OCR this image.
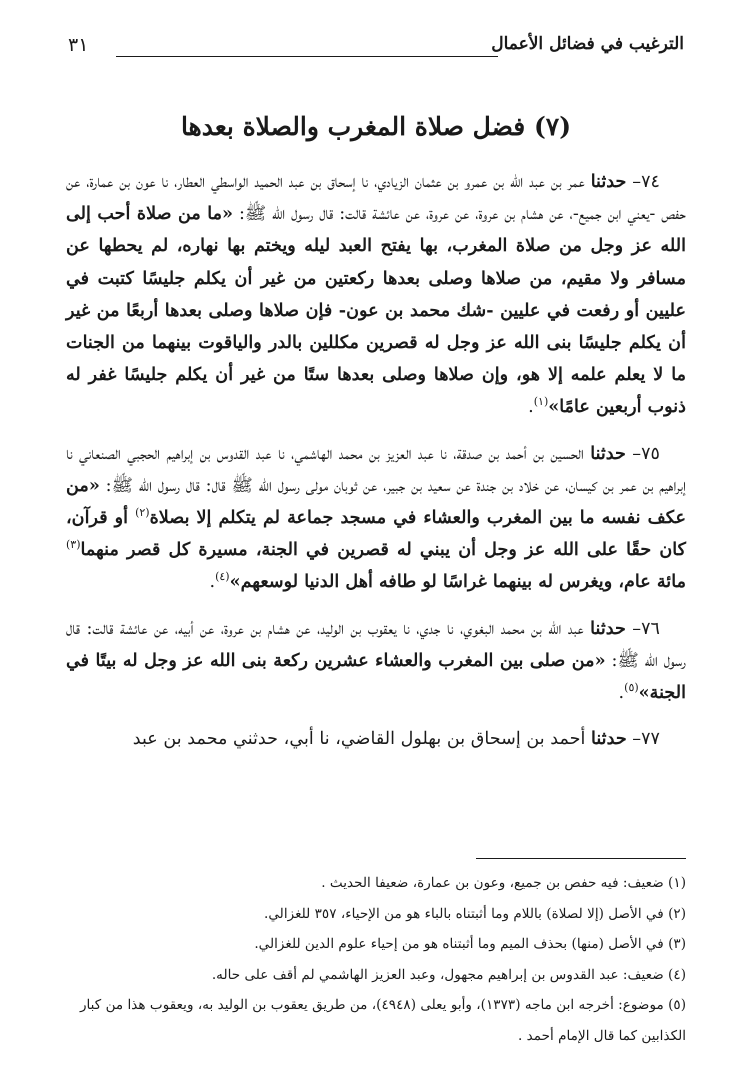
الترغيب في فضائل الأعمال
٣١
(٧) فضل صلاة المغرب والصلاة بعدها

٧٤– حدثنا عمر بن عبد الله بن عمرو بن عثمان الزيادي، نا إسحاق بن عبد الحميد الواسطي العطار، نا عون بن عمارة، عن حفص -يعني ابن جميع-، عن هشام بن عروة، عن عروة، عن عائشة قالت: قال رسول الله ﷺ: «ما من صلاة أحب إلى الله عز وجل من صلاة المغرب، بها يفتح العبد ليله ويختم بها نهاره، لم يحطها عن مسافر ولا مقيم، من صلاها وصلى بعدها ركعتين من غير أن يكلم جليسًا كتبت في عليين أو رفعت في عليين -شك محمد بن عون- فإن صلاها وصلى بعدها أربعًا من غير أن يكلم جليسًا بنى الله عز وجل له قصرين مكللين بالدر والياقوت بينهما من الجنات ما لا يعلم علمه إلا هو، وإن صلاها وصلى بعدها ستًا من غير أن يكلم جليسًا غفر له ذنوب أربعين عامًا»$^{(١)}$.

٧٥– حدثنا الحسين بن أحمد بن صدقة، نا عبد العزيز بن محمد الهاشمي، نا عبد القدوس بن إبراهيم الحجبي الصنعاني نا إبراهيم بن عمر بن كيسان، عن خلاد بن جندة عن سعيد بن جبير، عن ثوبان مولى رسول الله ﷺ قال: قال رسول الله ﷺ: «من عكف نفسه ما بين المغرب والعشاء في مسجد جماعة لم يتكلم إلا بصلاة$^{(٢)}$ أو قرآن، كان حقًا على الله عز وجل أن يبني له قصرين في الجنة، مسيرة كل قصر منهما$^{(٣)}$ مائة عام، ويغرس له بينهما غراسًا لو طافه أهل الدنيا لوسعهم»$^{(٤)}$.

٧٦– حدثنا عبد الله بن محمد البغوي، نا جدي، نا يعقوب بن الوليد، عن هشام بن عروة، عن أبيه، عن عائشة قالت: قال رسول الله ﷺ: «من صلى بين المغرب والعشاء عشرين ركعة بنى الله عز وجل له بيتًا في الجنة»$^{(٥)}$.

٧٧– حدثنا أحمد بن إسحاق بن بهلول القاضي، نا أبي، حدثني محمد بن عبد

(١) ضعيف: فيه حفص بن جميع، وعون بن عمارة، ضعيفا الحديث .

(٢) في الأصل (إلا لصلاة) باللام وما أثبتناه بالباء هو من الإحياء، ٣٥٧ للغزالي.

(٣) في الأصل (منها) بحذف الميم وما أثبتناه هو من إحياء علوم الدين للغزالي.

(٤) ضعيف: عبد القدوس بن إبراهيم مجهول، وعبد العزيز الهاشمي لم أقف على حاله.

(٥) موضوع: أخرجه ابن ماجه (١٣٧٣)، وأبو يعلى (٤٩٤٨)، من طريق يعقوب بن الوليد به، ويعقوب هذا من كبار الكذابين كما قال الإمام أحمد .
